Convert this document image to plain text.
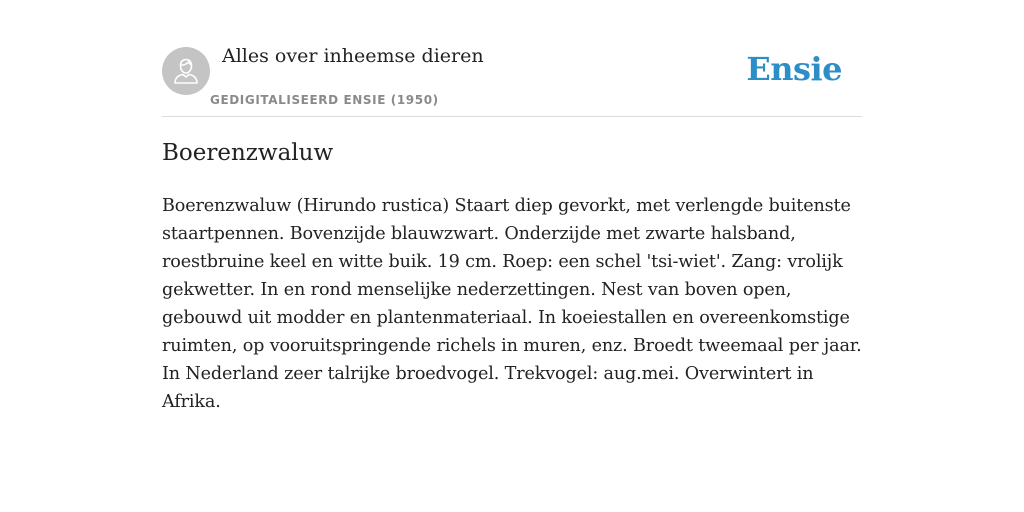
Alles over inheemse dieren
GEDIGITALISEERD ENSIE (1950)
Ensie
Boerenzwaluw

Boerenzwaluw (Hirundo rustica) Staart diep gevorkt, met verlengde buitenste staartpennen. Bovenzijde blauwzwart. Onderzijde met zwarte halsband, roestbruine keel en witte buik. 19 cm. Roep: een schel 'tsi-wiet'. Zang: vrolijk gekwetter. In en rond menselijke nederzettingen. Nest van boven open, gebouwd uit modder en plantenmateriaal. In koeiestallen en overeenkomstige ruimten, op vooruitspringende richels in muren, enz. Broedt tweemaal per jaar. In Nederland zeer talrijke broedvogel. Trekvogel: aug.mei. Overwintert in Afrika.
